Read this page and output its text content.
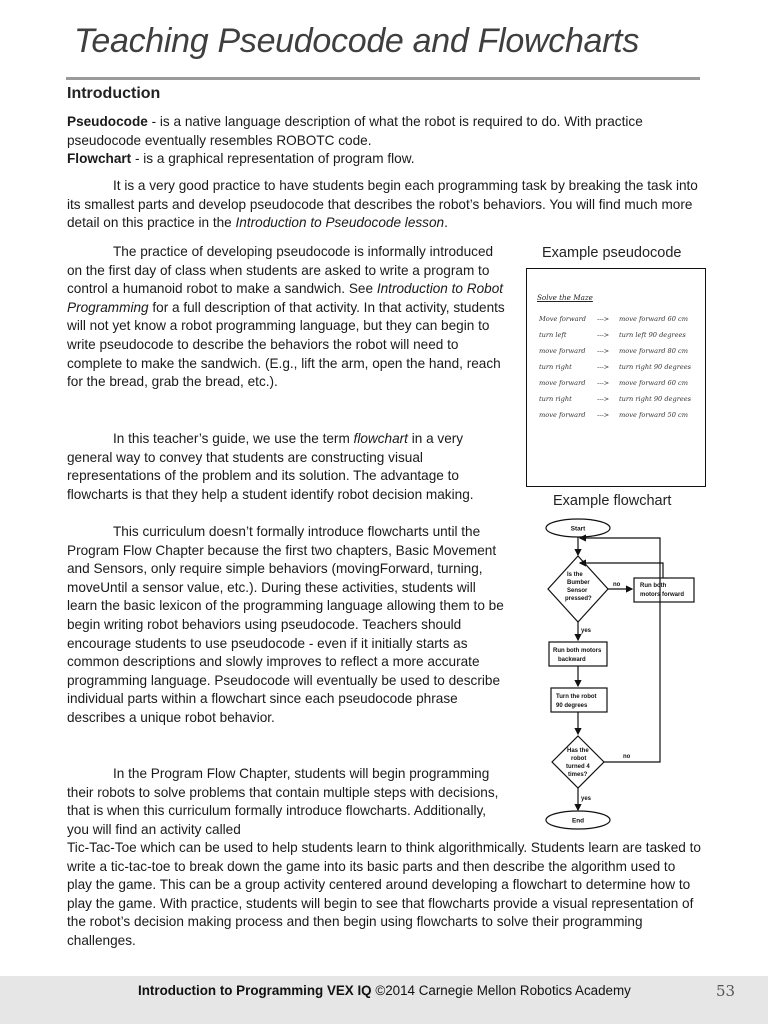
Teaching Pseudocode and Flowcharts
Introduction
Pseudocode - is a native language description of what the robot is required to do. With practice pseudocode eventually resembles ROBOTC code.
Flowchart - is a graphical representation of program flow.
It is a very good practice to have students begin each programming task by breaking the task into its smallest parts and develop pseudocode that describes the robot’s behaviors. You will find much more detail on this practice in the Introduction to Pseudocode lesson.
The practice of developing pseudocode is informally introduced on the first day of class when students are asked to write a program to control a humanoid robot to make a sandwich. See Introduction to Robot Programming for a full description of that activity. In that activity, students will not yet know a robot programming language, but they can begin to write pseudocode to describe the behaviors the robot will need to complete to make the sandwich. (E.g., lift the arm, open the hand, reach for the bread, grab the bread, etc.).
In this teacher’s guide, we use the term flowchart in a very general way to convey that students are constructing visual representations of the problem and its solution. The advantage to flowcharts is that they help a student identify robot decision making.
This curriculum doesn’t formally introduce flowcharts until the Program Flow Chapter because the first two chapters, Basic Movement and Sensors, only require simple behaviors (movingForward, turning, moveUntil a sensor value, etc.). During these activities, students will learn the basic lexicon of the programming language allowing them to be begin writing robot behaviors using pseudocode. Teachers should encourage students to use pseudocode - even if it initially starts as common descriptions and slowly improves to reflect a more accurate programming language. Pseudocode will eventually be used to describe individual parts within a flowchart since each pseudocode phrase describes a unique robot behavior.
In the Program Flow Chapter, students will begin programming their robots to solve problems that contain multiple steps with decisions, that is when this curriculum formally introduce flowcharts. Additionally, you will find an activity called
Tic-Tac-Toe which can be used to help students learn to think algorithmically. Students learn are tasked to write a tic-tac-toe to break down the game into its basic parts and then describe the algorithm used to play the game. This can be a group activity centered around developing a flowchart to determine how to play the game. With practice, students will begin to see that flowcharts provide a visual representation of the robot’s decision making process and then begin using flowcharts to solve their programming challenges.
Example pseudocode
Solve the Maze
Move forward ---> move forward 60 cm
turn left	---> turn left 90 degrees
move forward ---> move forward 80 cm
turn right	---> turn right 90 degrees
move forward ---> move forward 60 cm
turn right	---> turn right 90 degrees
move forward ---> move forward 50 cm
Example flowchart
Start
Is the
Bumber
Sensor
pressed?
no	Run both
motors forward
yes
Run both motors
backward
Turn the robot
90 degrees
Has the
robot
turned 4
times?
no
yes
End
Introduction to Programming VEX IQ ©2014 Carnegie Mellon Robotics Academy	53
